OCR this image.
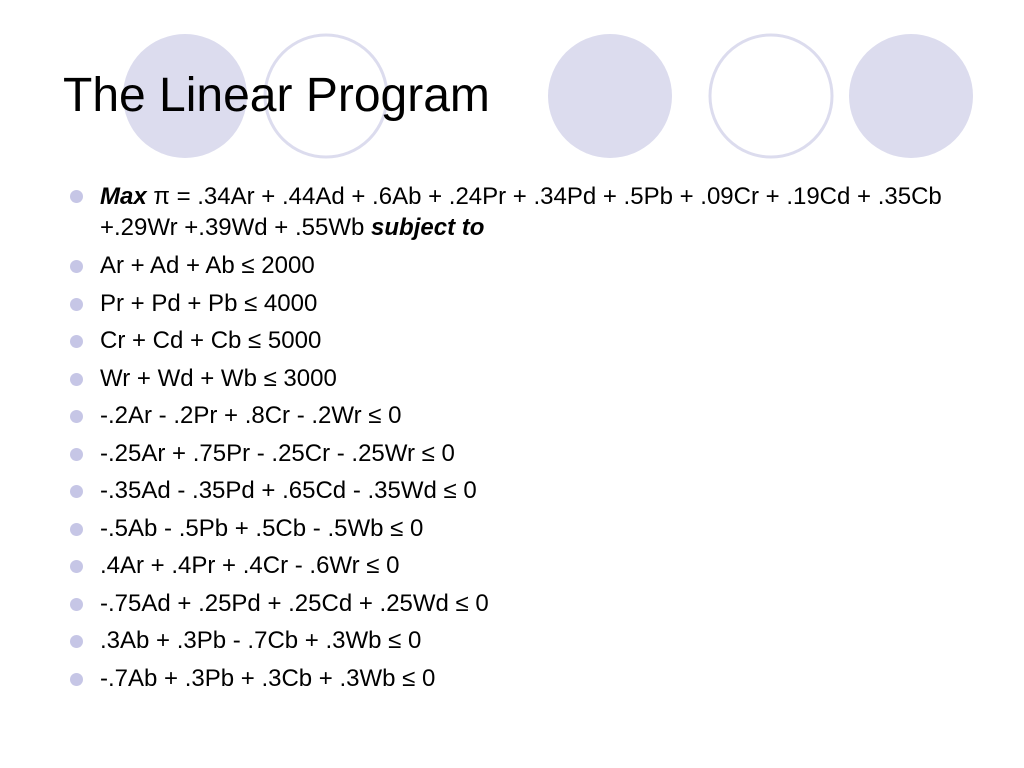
The Linear Program
Max π = .34Ar + .44Ad + .6Ab + .24Pr + .34Pd + .5Pb + .09Cr + .19Cd + .35Cb +.29Wr +.39Wd + .55Wb subject to
Ar + Ad + Ab ≤ 2000
Pr + Pd + Pb ≤ 4000
Cr + Cd + Cb ≤ 5000
Wr + Wd + Wb ≤ 3000
-.2Ar - .2Pr + .8Cr - .2Wr ≤ 0
-.25Ar + .75Pr - .25Cr - .25Wr ≤ 0
-.35Ad - .35Pd + .65Cd - .35Wd ≤ 0
-.5Ab - .5Pb + .5Cb - .5Wb ≤ 0
.4Ar + .4Pr + .4Cr - .6Wr ≤ 0
-.75Ad + .25Pd + .25Cd + .25Wd ≤ 0
.3Ab + .3Pb - .7Cb + .3Wb ≤ 0
-.7Ab + .3Pb + .3Cb + .3Wb ≤ 0
